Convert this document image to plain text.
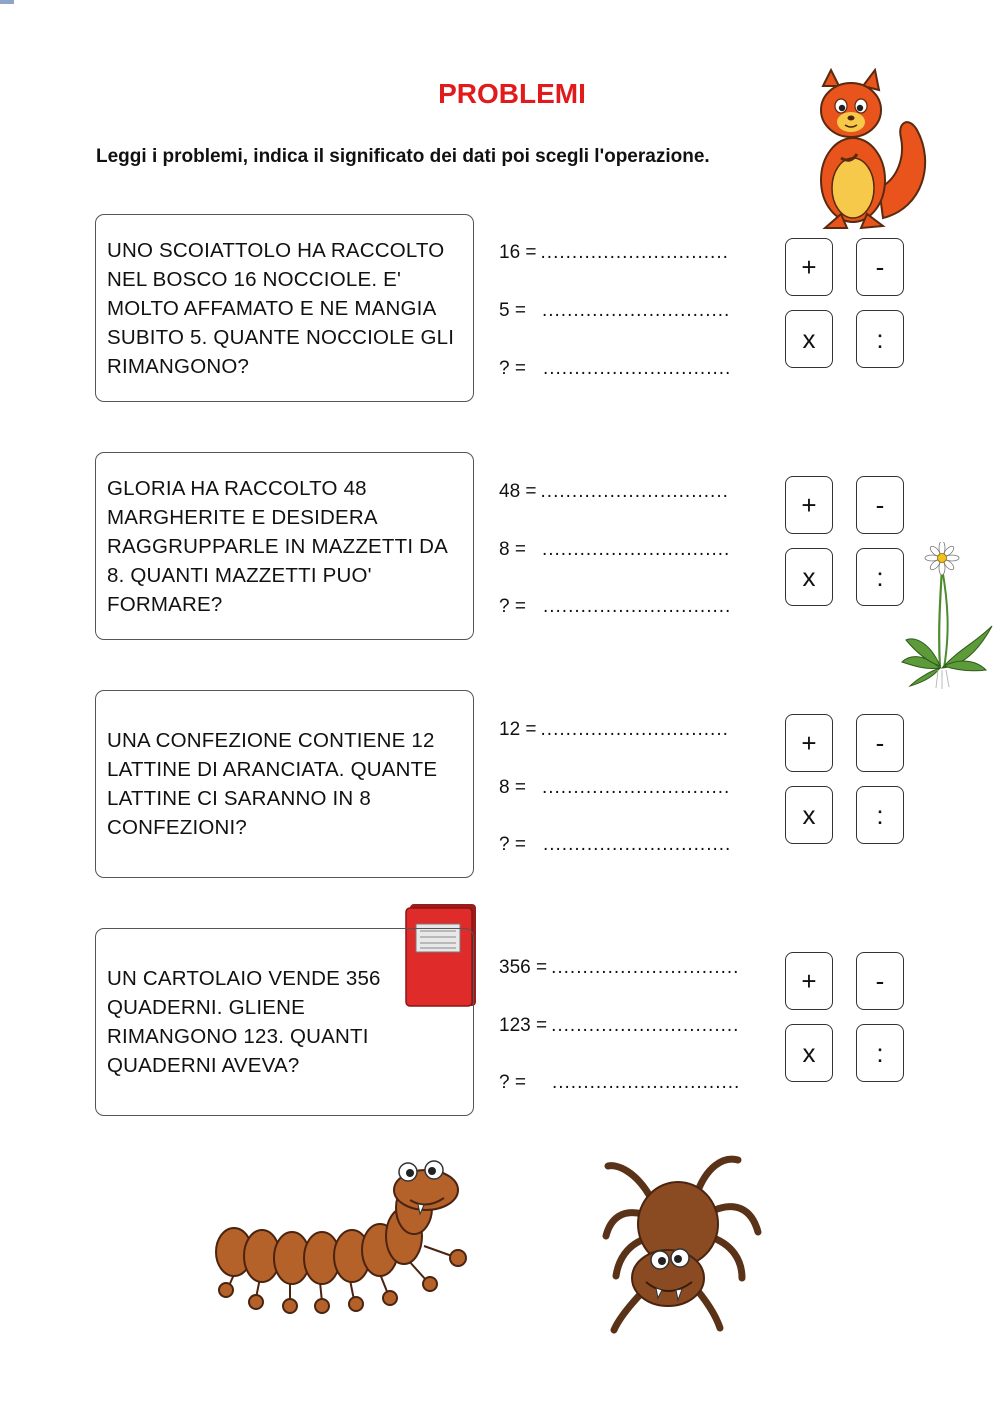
PROBLEMI
Leggi i problemi, indica il significato dei dati poi scegli l'operazione.
UNO SCOIATTOLO HA RACCOLTO NEL BOSCO 16 NOCCIOLE. E' MOLTO AFFAMATO E NE MANGIA SUBITO 5. QUANTE NOCCIOLE GLI RIMANGONO?
16 = ..............................
5 = ..............................
? = ..............................
+	-
x	:
GLORIA HA RACCOLTO 48 MARGHERITE E DESIDERA RAGGRUPPARLE IN MAZZETTI DA 8. QUANTI MAZZETTI PUO' FORMARE?
48 = ..............................
8 = ..............................
? = ..............................
+	-
x	:
UNA CONFEZIONE CONTIENE 12 LATTINE DI ARANCIATA. QUANTE LATTINE CI SARANNO IN 8 CONFEZIONI?
12 = ..............................
8 = ..............................
? = ..............................
+	-
x	:
UN CARTOLAIO VENDE 356 QUADERNI. GLIENE RIMANGONO 123. QUANTI QUADERNI AVEVA?
356 = ..............................
123 = ..............................
? = ..............................
+	-
x	:
